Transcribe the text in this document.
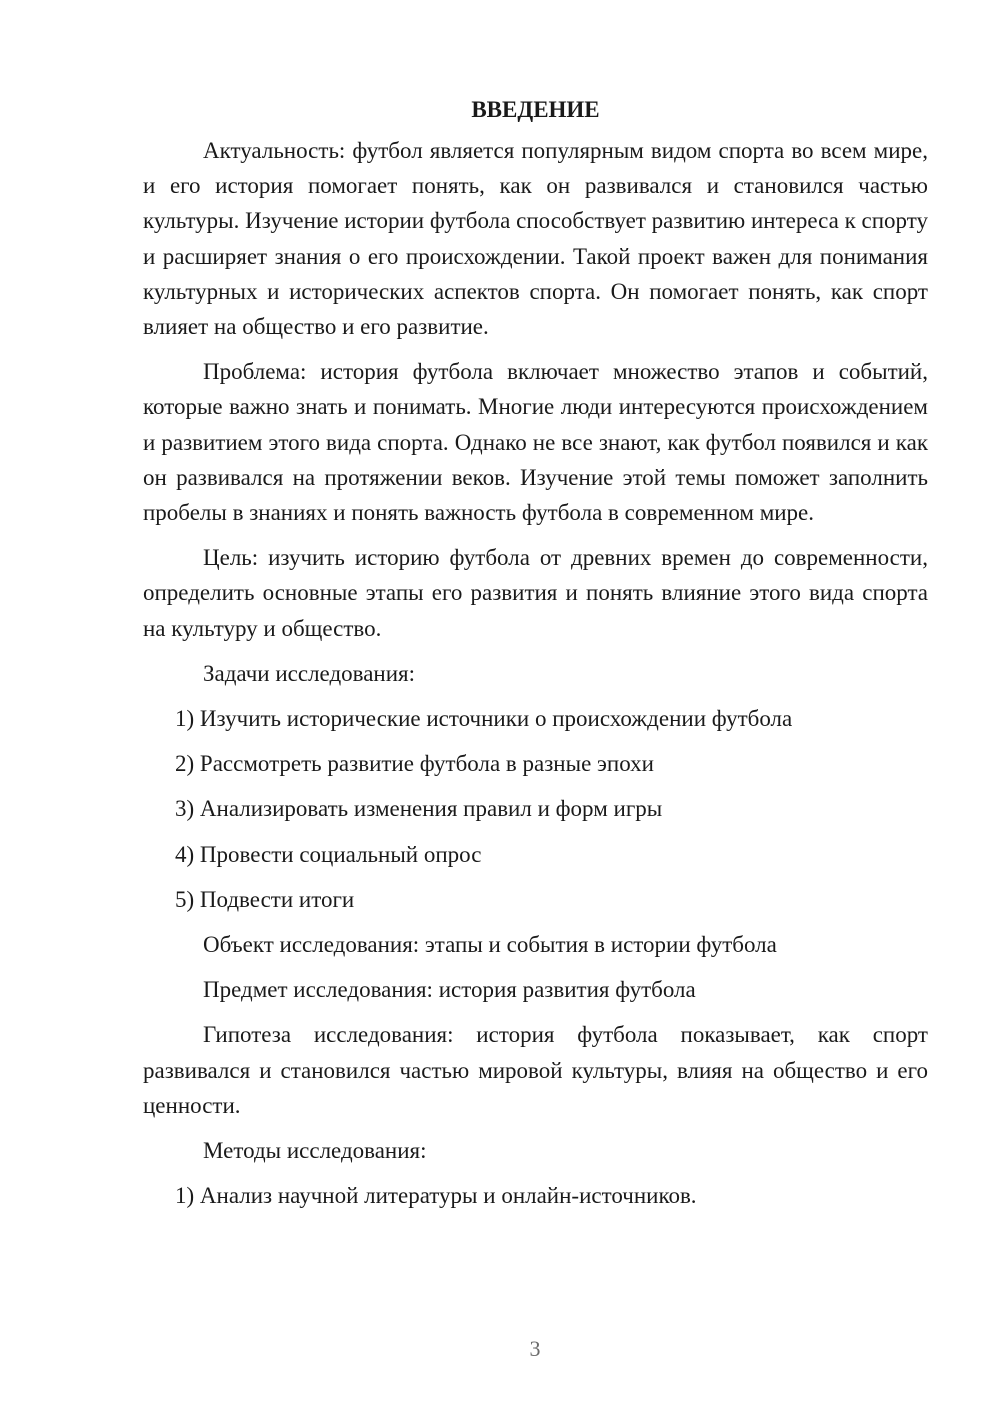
ВВЕДЕНИЕ
Актуальность: футбол является популярным видом спорта во всем мире, и его история помогает понять, как он развивался и становился частью культуры. Изучение истории футбола способствует развитию интереса к спорту и расширяет знания о его происхождении. Такой проект важен для понимания культурных и исторических аспектов спорта. Он помогает понять, как спорт влияет на общество и его развитие.
Проблема: история футбола включает множество этапов и событий, которые важно знать и понимать. Многие люди интересуются происхождением и развитием этого вида спорта. Однако не все знают, как футбол появился и как он развивался на протяжении веков. Изучение этой темы поможет заполнить пробелы в знаниях и понять важность футбола в современном мире.
Цель: изучить историю футбола от древних времен до современности, определить основные этапы его развития и понять влияние этого вида спорта на культуру и общество.
Задачи исследования:
1) Изучить исторические источники о происхождении футбола
2) Рассмотреть развитие футбола в разные эпохи
3) Анализировать изменения правил и форм игры
4) Провести социальный опрос
5) Подвести итоги
Объект исследования: этапы и события в истории футбола
Предмет исследования: история развития футбола
Гипотеза исследования: история футбола показывает, как спорт развивался и становился частью мировой культуры, влияя на общество и его ценности.
Методы исследования:
1) Анализ научной литературы и онлайн-источников.
3
